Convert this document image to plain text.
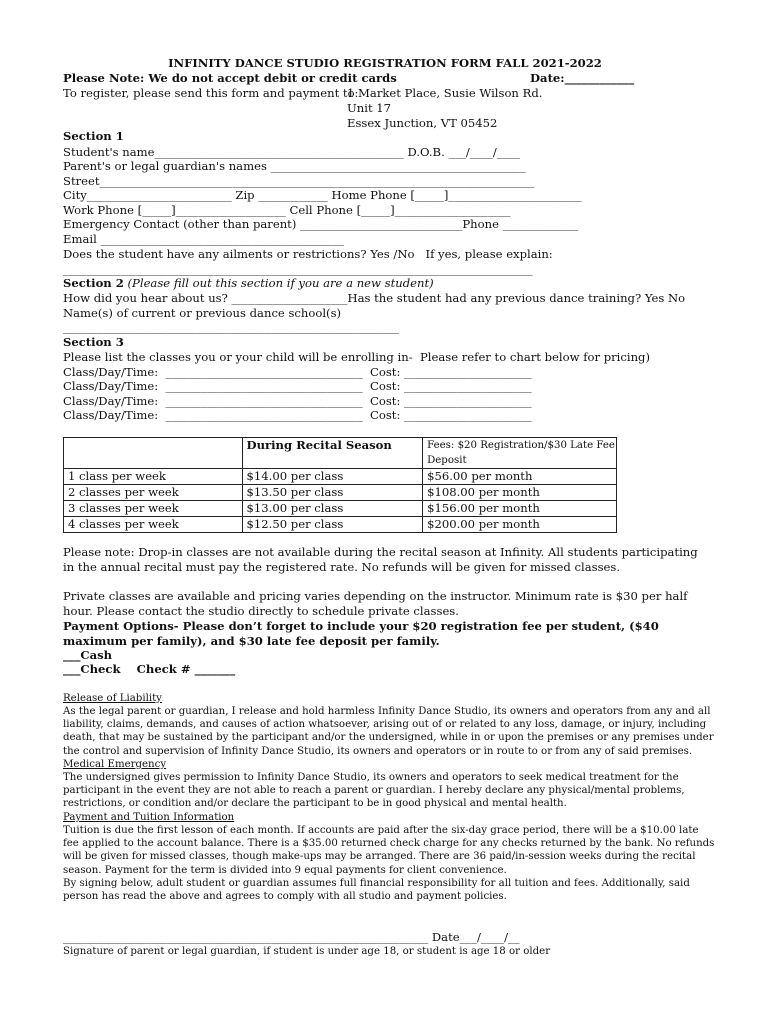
INFINITY DANCE STUDIO REGISTRATION FORM FALL 2021-2022
Please Note: We do not accept debit or credit cards	Date:____________
To register, please send this form and payment to:
1 Market Place, Susie Wilson Rd.
Unit 17
Essex Junction, VT 05452
Section 1
Student's name___________________________________________ D.O.B. ___/____/____
Parent's or legal guardian's names ____________________________________________
Street___________________________________________________________________________
City_________________________ Zip ____________ Home Phone [_____]_______________________
Work Phone [_____]___________________ Cell Phone [_____]____________________
Emergency Contact (other than parent) ____________________________Phone _____________
Email __________________________________________
Does the student have any ailments or restrictions? Yes /No   If yes, please explain:
_________________________________________________________________________________
Section 2 (Please fill out this section if you are a new student)
How did you hear about us? ____________________Has the student had any previous dance training? Yes No
Name(s) of current or previous dance school(s)
__________________________________________________________
Section 3
Please list the classes you or your child will be enrolling in-  Please refer to chart below for pricing)
Class/Day/Time:  __________________________________  Cost: ______________________
Class/Day/Time:  __________________________________  Cost: ______________________
Class/Day/Time:  __________________________________  Cost: ______________________
Class/Day/Time:  __________________________________  Cost: ______________________
	During Recital Season	Fees: $20 Registration/$30 Late Fee Deposit
1 class per week	$14.00 per class	$56.00 per month
2 classes per week	$13.50 per class	$108.00 per month
3 classes per week	$13.00 per class	$156.00 per month
4 classes per week	$12.50 per class	$200.00 per month
Please note: Drop-in classes are not available during the recital season at Infinity. All students participating in the annual recital must pay the registered rate. No refunds will be given for missed classes.
Private classes are available and pricing varies depending on the instructor. Minimum rate is $30 per half hour. Please contact the studio directly to schedule private classes.
Payment Options- Please don’t forget to include your $20 registration fee per student, ($40 maximum per family), and $30 late fee deposit per family.
___Cash
___Check    Check # _______
Release of Liability
As the legal parent or guardian, I release and hold harmless Infinity Dance Studio, its owners and operators from any and all liability, claims, demands, and causes of action whatsoever, arising out of or related to any loss, damage, or injury, including death, that may be sustained by the participant and/or the undersigned, while in or upon the premises or any premises under the control and supervision of Infinity Dance Studio, its owners and operators or in route to or from any of said premises.
Medical Emergency
The undersigned gives permission to Infinity Dance Studio, its owners and operators to seek medical treatment for the participant in the event they are not able to reach a parent or guardian. I hereby declare any physical/mental problems, restrictions, or condition and/or declare the participant to be in good physical and mental health.
Payment and Tuition Information
Tuition is due the first lesson of each month. If accounts are paid after the six-day grace period, there will be a $10.00 late fee applied to the account balance. There is a $35.00 returned check charge for any checks returned by the bank. No refunds will be given for missed classes, though make-ups may be arranged. There are 36 paid/in-session weeks during the recital season. Payment for the term is divided into 9 equal payments for client convenience.
By signing below, adult student or guardian assumes full financial responsibility for all tuition and fees. Additionally, said person has read the above and agrees to comply with all studio and payment policies.
_______________________________________________________________ Date___/____/__
Signature of parent or legal guardian, if student is under age 18, or student is age 18 or older
